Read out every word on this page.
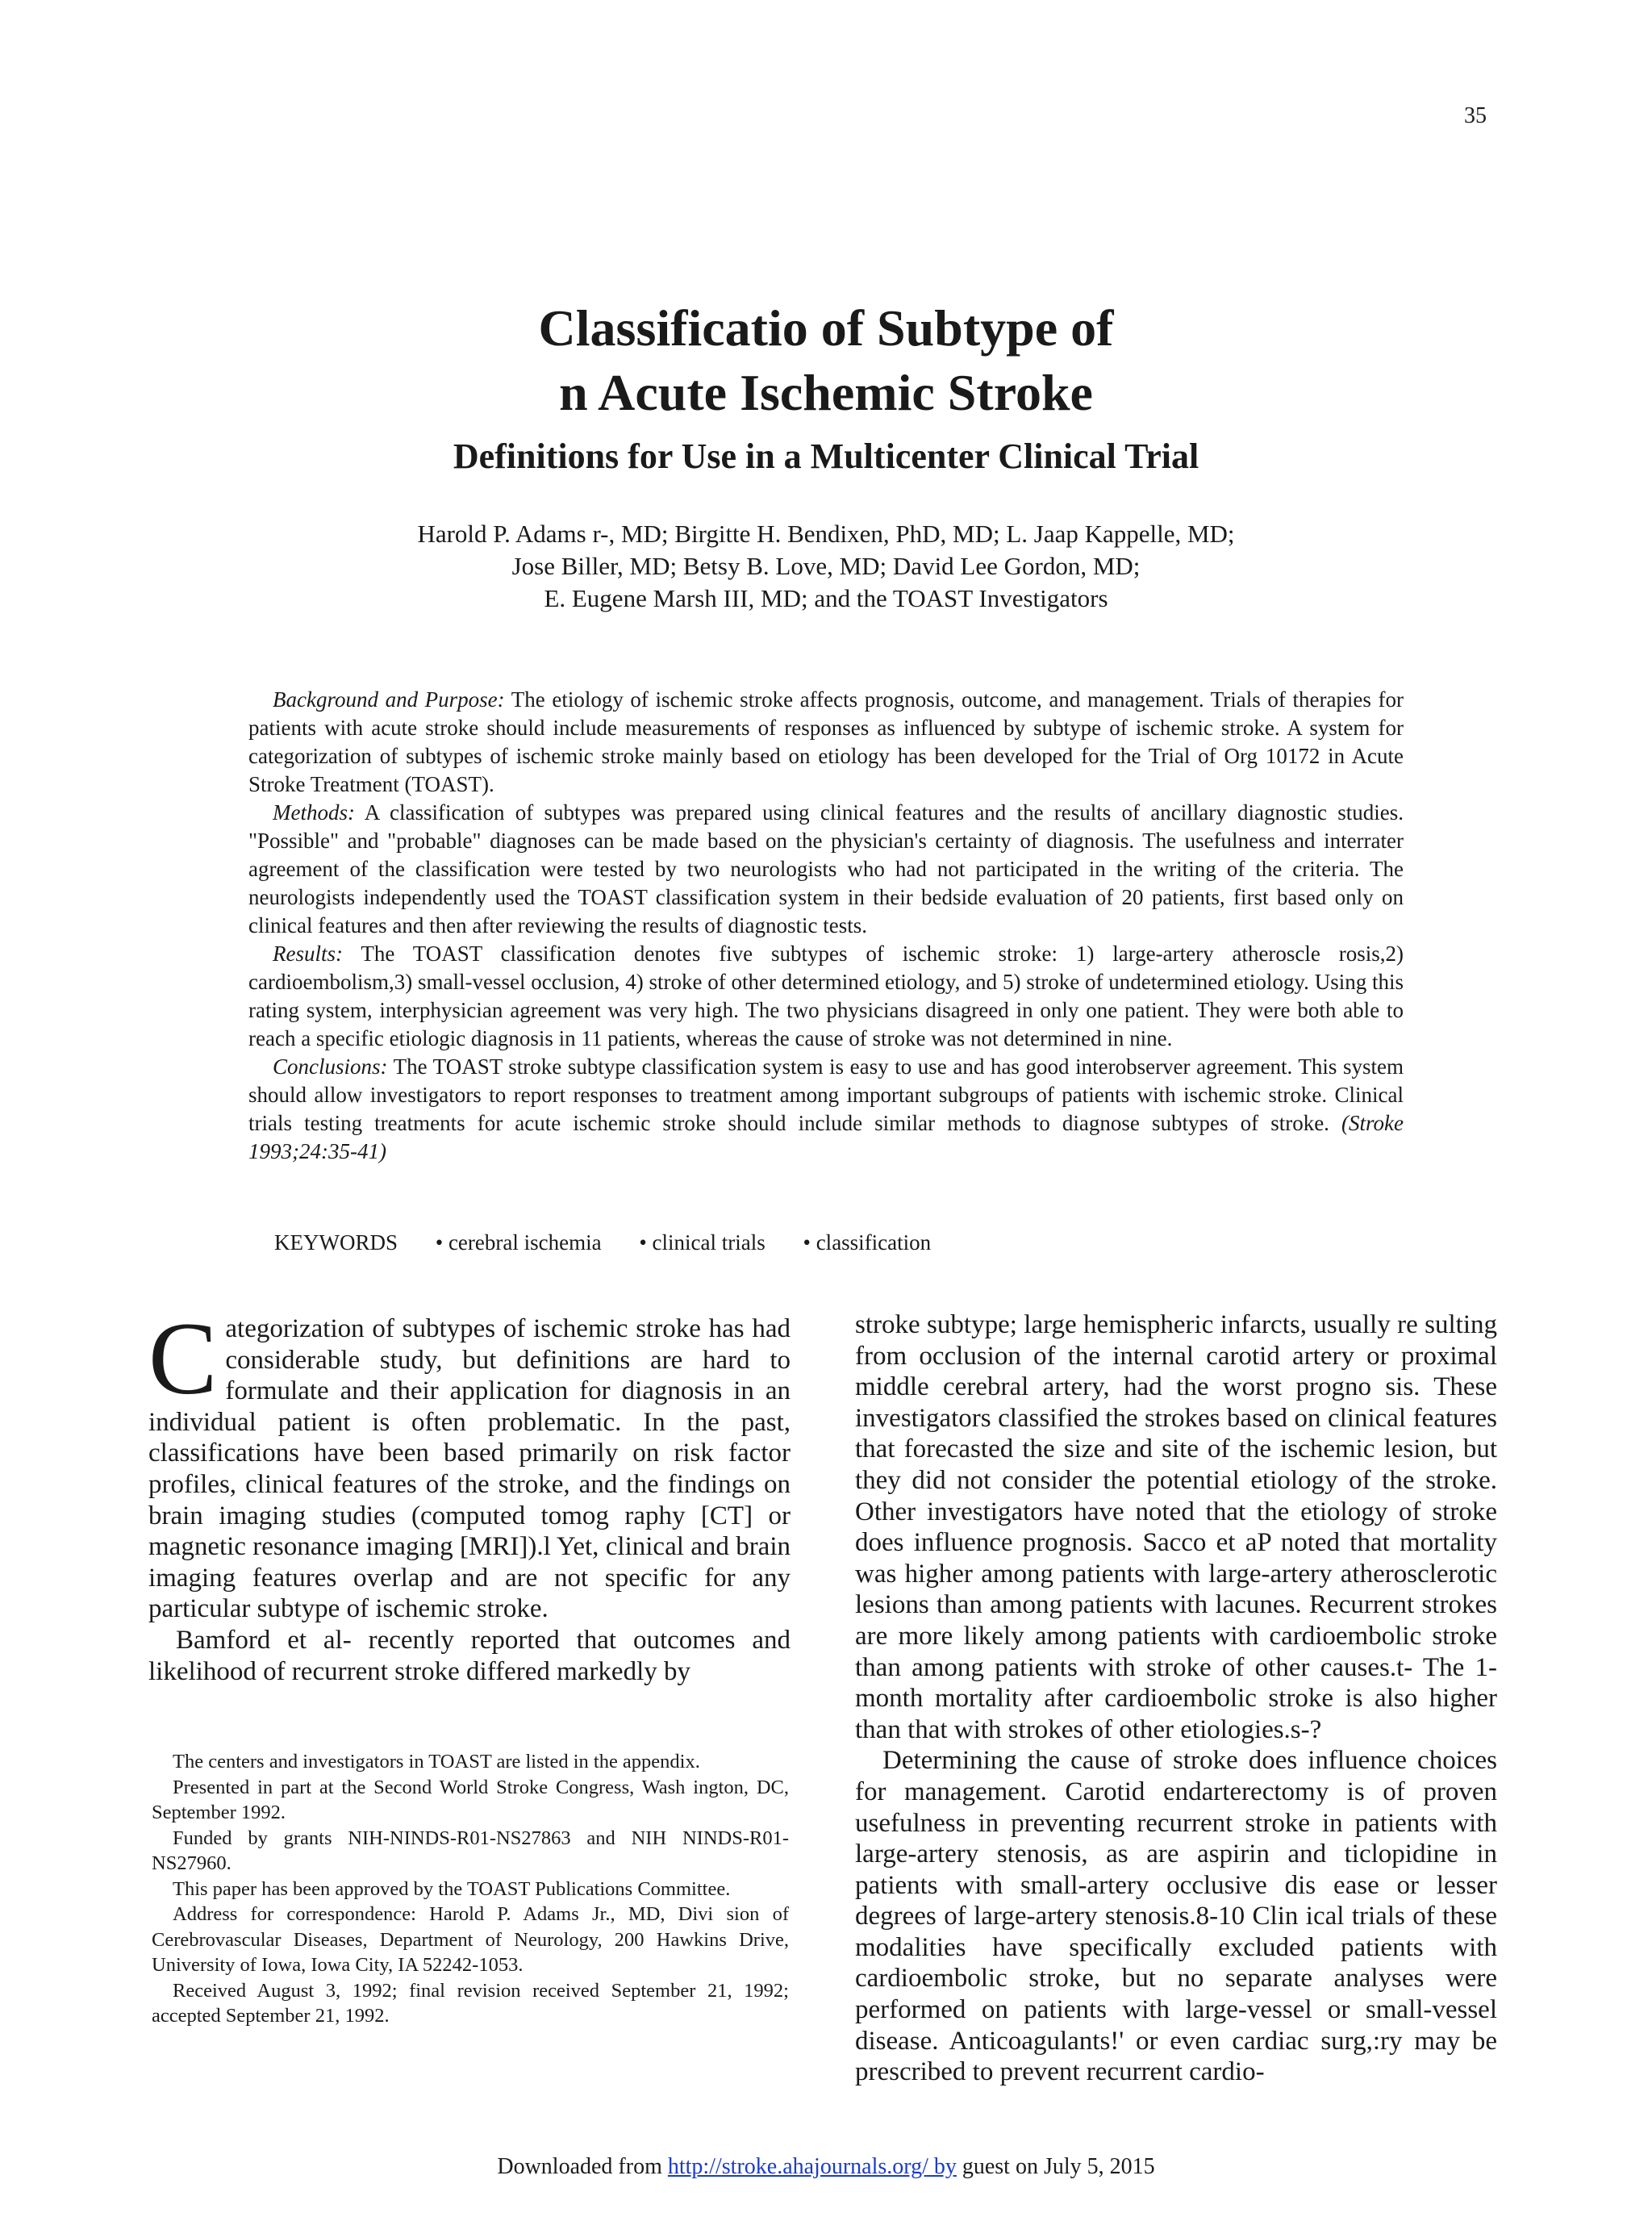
35
Classificatio of Subtype of
n Acute Ischemic Stroke
Definitions for Use in a Multicenter Clinical Trial
Harold P. Adams r-, MD; Birgitte H. Bendixen, PhD, MD; L. Jaap Kappelle, MD;
Jose Biller, MD; Betsy B. Love, MD; David Lee Gordon, MD;
E. Eugene Marsh III, MD; and the TOAST Investigators

Background and Purpose: The etiology of ischemic stroke affects prognosis, outcome, and management. Trials of therapies for patients with acute stroke should include measurements of responses as influenced by subtype of ischemic stroke. A system for categorization of subtypes of ischemic stroke mainly based on etiology has been developed for the Trial of Org 10172 in Acute Stroke Treatment (TOAST).

Methods: A classification of subtypes was prepared using clinical features and the results of ancillary diagnostic studies. "Possible" and "probable" diagnoses can be made based on the physician's certainty of diagnosis. The usefulness and interrater agreement of the classification were tested by two neurologists who had not participated in the writing of the criteria. The neurologists independently used the TOAST classification system in their bedside evaluation of 20 patients, first based only on clinical features and then after reviewing the results of diagnostic tests.

Results: The TOAST classification denotes five subtypes of ischemic stroke: 1) large-artery atheroscle rosis,2) cardioembolism,3) small-vessel occlusion, 4) stroke of other determined etiology, and 5) stroke of undetermined etiology. Using this rating system, interphysician agreement was very high. The two physicians disagreed in only one patient. They were both able to reach a specific etiologic diagnosis in 11 patients, whereas the cause of stroke was not determined in nine.

Conclusions: The TOAST stroke subtype classification system is easy to use and has good interobserver agreement. This system should allow investigators to report responses to treatment among important subgroups of patients with ischemic stroke. Clinical trials testing treatments for acute ischemic stroke should include similar methods to diagnose subtypes of stroke. (Stroke 1993;24:35-41)

KEYWORDS • cerebral ischemia • clinical trials • classification

Categorization of subtypes of ischemic stroke has had considerable study, but definitions are hard to formulate and their application for diagnosis in an individual patient is often problematic. In the past, classifications have been based primarily on risk factor profiles, clinical features of the stroke, and the findings on brain imaging studies (computed tomog raphy [CT] or magnetic resonance imaging [MRI]).l Yet, clinical and brain imaging features overlap and are not specific for any particular subtype of ischemic stroke.

Bamford et al- recently reported that outcomes and likelihood of recurrent stroke differed markedly by

stroke subtype; large hemispheric infarcts, usually re sulting from occlusion of the internal carotid artery or proximal middle cerebral artery, had the worst progno sis. These investigators classified the strokes based on clinical features that forecasted the size and site of the ischemic lesion, but they did not consider the potential etiology of the stroke. Other investigators have noted that the etiology of stroke does influence prognosis. Sacco et aP noted that mortality was higher among patients with large-artery atherosclerotic lesions than among patients with lacunes. Recurrent strokes are more likely among patients with cardioembolic stroke than among patients with stroke of other causes.t- The 1-month mortality after cardioembolic stroke is also higher than that with strokes of other etiologies.s-?

Determining the cause of stroke does influence choices for management. Carotid endarterectomy is of proven usefulness in preventing recurrent stroke in patients with large-artery stenosis, as are aspirin and ticlopidine in patients with small-artery occlusive dis ease or lesser degrees of large-artery stenosis.8-10 Clin ical trials of these modalities have specifically excluded patients with cardioembolic stroke, but no separate analyses were performed on patients with large-vessel or small-vessel disease. Anticoagulants!' or even cardiac surg,:ry may be prescribed to prevent recurrent cardio-

The centers and investigators in TOAST are listed in the appendix.

Presented in part at the Second World Stroke Congress, Wash ington, DC, September 1992.

Funded by grants NIH-NINDS-R01-NS27863 and NIH NINDS-R01-NS27960.

This paper has been approved by the TOAST Publications Committee.

Address for correspondence: Harold P. Adams Jr., MD, Divi sion of Cerebrovascular Diseases, Department of Neurology, 200 Hawkins Drive, University of Iowa, Iowa City, IA 52242-1053.

Received August 3, 1992; final revision received September 21, 1992; accepted September 21, 1992.

Downloaded from http://stroke.ahajournals.org/ by guest on July 5, 2015
